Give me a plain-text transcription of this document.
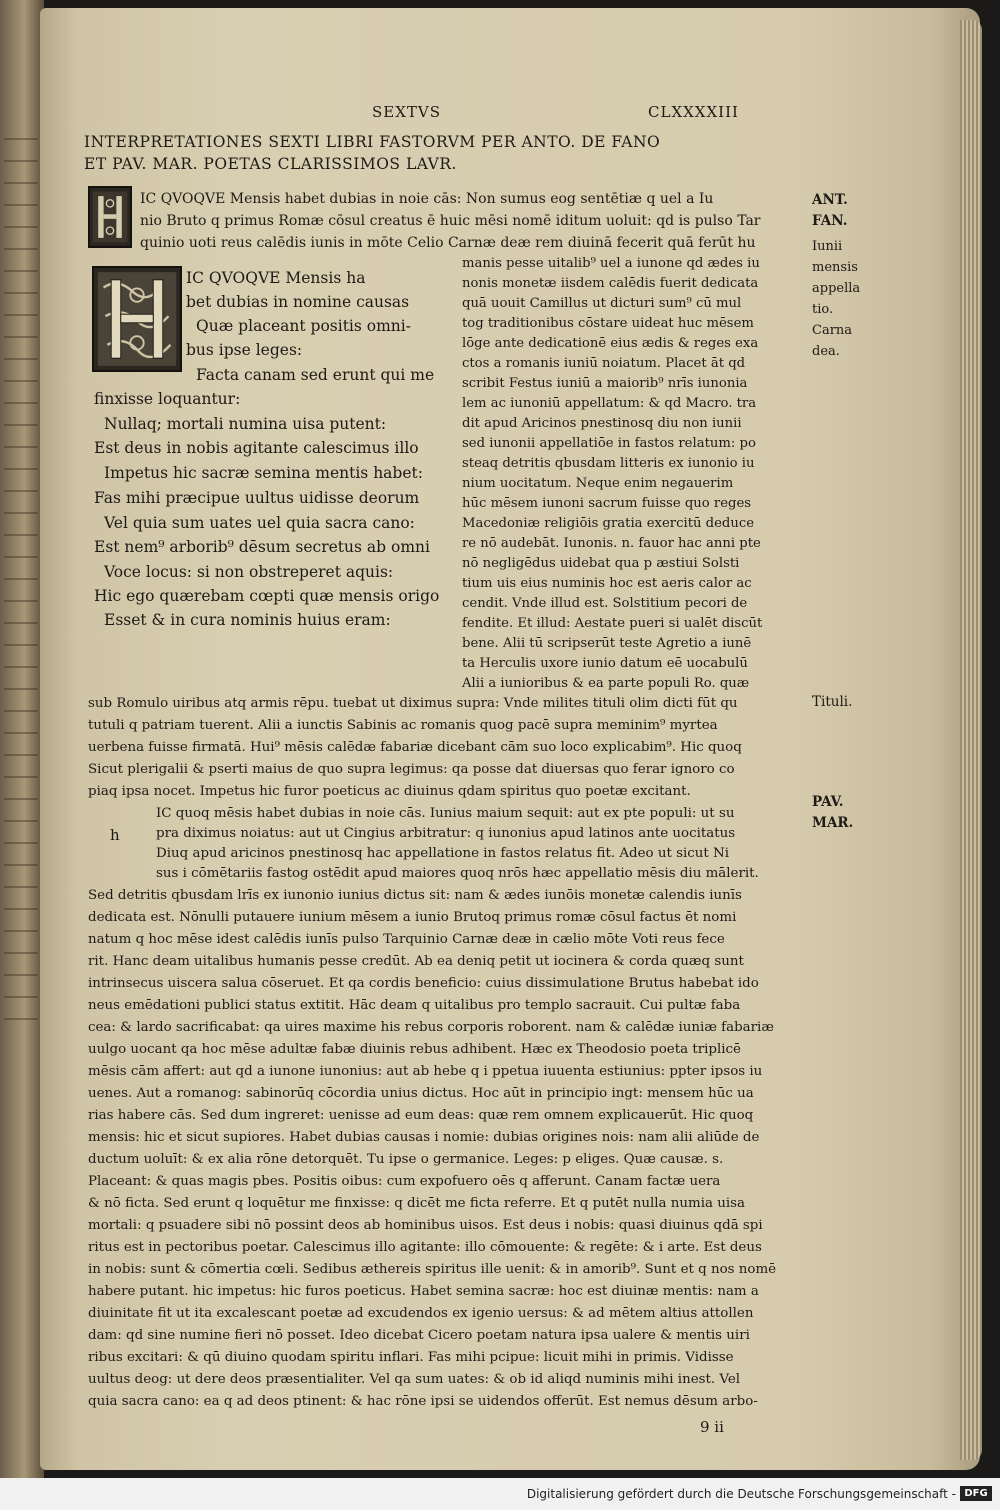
SEXTVS	CLXXXXIII
INTERPRETATIONES SEXTI LIBRI FASTORVM PER ANTO. DE FANO
ET PAV. MAR. POETAS CLARISSIMOS LAVR.
IC QVOQVE Mensis habet dubias in noie cās: Non sumus eog sentētiæ q uel a Iu
nio Bruto q primus Romæ cōsul creatus ē huic mēsi nomē iditum uoluit: qd is pulso Tar
quinio uoti reus calēdis iunis in mōte Celio Carnæ deæ rem diuinā fecerit quā ferūt hu
IC QVOQVE Mensis ha
bet dubias in nomine causas
Quæ placeant positis omni-
bus ipse leges:
Facta canam sed erunt qui me
finxisse loquantur:
Nullaq; mortali numina uisa putent:
Est deus in nobis agitante calescimus illo
Impetus hic sacræ semina mentis habet:
Fas mihi præcipue uultus uidisse deorum
Vel quia sum uates uel quia sacra cano:
Est nem⁹ arborib⁹ dēsum secretus ab omni
Voce locus: si non obstreperet aquis:
Hic ego quærebam cœpti quæ mensis origo
Esset & in cura nominis huius eram:
manis pesse uitalib⁹ uel a iunone qd ædes iu
nonis monetæ iisdem calēdis fuerit dedicata
quā uouit Camillus ut dicturi sum⁹ cū mul
tog traditionibus cōstare uideat huc mēsem
lōge ante dedicationē eius ædis & reges exa
ctos a romanis iuniū noiatum. Placet āt qd
scribit Festus iuniū a maiorib⁹ nrīs iunonia
lem ac iunoniū appellatum: & qd Macro. tra
dit apud Aricinos pnestinosq diu non iunii
sed iunonii appellatiōe in fastos relatum: po
steaq detritis qbusdam litteris ex iunonio iu
nium uocitatum. Neque enim negauerim
hūc mēsem iunoni sacrum fuisse quo reges
Macedoniæ religiōis gratia exercitū deduce
re nō audebāt. Iunonis. n. fauor hac anni pte
nō negligēdus uidebat qua p æstiui Solsti
tium uis eius numinis hoc est aeris calor ac
cendit. Vnde illud est. Solstitium pecori de
fendite. Et illud: Aestate pueri si ualēt discūt
bene. Alii tū scripserūt teste Agretio a iunē
ta Herculis uxore iunio datum eē uocabulū
Alii a iunioribus & ea parte populi Ro. quæ
sub Romulo uiribus atq armis rēpu. tuebat ut diximus supra: Vnde milites tituli olim dicti fūt qu
tutuli q patriam tuerent. Alii a iunctis Sabinis ac romanis quog pacē supra meminim⁹ myrtea
uerbena fuisse firmatā. Hui⁹ mēsis calēdæ fabariæ dicebant cām suo loco explicabim⁹. Hic quoq
Sicut plerigalii & pserti maius de quo supra legimus: qa posse dat diuersas quo ferar ignoro co
piaq ipsa nocet. Impetus hic furor poeticus ac diuinus qdam spiritus quo poetæ excitant.
h
IC quoq mēsis habet dubias in noie cās. Iunius maium sequit: aut ex pte populi: ut su
pra diximus noiatus: aut ut Cingius arbitratur: q iunonius apud latinos ante uocitatus
Diuq apud aricinos pnestinosq hac appellatione in fastos relatus fit. Adeo ut sicut Ni
sus i cōmētariis fastog ostēdit apud maiores quoq nrōs hæc appellatio mēsis diu mālerit.
Sed detritis qbusdam lrīs ex iunonio iunius dictus sit: nam & ædes iunōis monetæ calendis iunīs
dedicata est. Nōnulli putauere iunium mēsem a iunio Brutoq primus romæ cōsul factus ēt nomi
natum q hoc mēse idest calēdis iunīs pulso Tarquinio Carnæ deæ in cælio mōte Voti reus fece
rit. Hanc deam uitalibus humanis pesse credūt. Ab ea deniq petit ut iocinera & corda quæq sunt
intrinsecus uiscera salua cōseruet. Et qa cordis beneficio: cuius dissimulatione Brutus habebat ido
neus emēdationi publici status extitit. Hāc deam q uitalibus pro templo sacrauit. Cui pultæ faba
cea: & lardo sacrificabat: qa uires maxime his rebus corporis roborent. nam & calēdæ iuniæ fabariæ
uulgo uocant qa hoc mēse adultæ fabæ diuinis rebus adhibent. Hæc ex Theodosio poeta triplicē
mēsis cām affert: aut qd a iunone iunonius: aut ab hebe q i ppetua iuuenta estiunius: ppter ipsos iu
uenes. Aut a romanog: sabinorūq cōcordia unius dictus. Hoc aūt in principio ingt: mensem hūc ua
rias habere cās. Sed dum ingreret: uenisse ad eum deas: quæ rem omnem explicauerūt. Hic quoq
mensis: hic et sicut supiores. Habet dubias causas i nomie: dubias origines nois: nam alii aliūde de
ductum uoluīt: & ex alia rōne detorquēt. Tu ipse o germanice. Leges: p eliges. Quæ causæ. s.
Placeant: & quas magis pbes. Positis oibus: cum expofuero oēs q afferunt. Canam factæ uera
& nō ficta. Sed erunt q loquētur me finxisse: q dicēt me ficta referre. Et q putēt nulla numia uisa
mortali: q psuadere sibi nō possint deos ab hominibus uisos. Est deus i nobis: quasi diuinus qdā spi
ritus est in pectoribus poetar. Calescimus illo agitante: illo cōmouente: & regēte: & i arte. Est deus
in nobis: sunt & cōmertia cœli. Sedibus æthereis spiritus ille uenit: & in amorib⁹. Sunt et q nos nomē
habere putant. hic impetus: hic furos poeticus. Habet semina sacræ: hoc est diuinæ mentis: nam a
diuinitate fit ut ita excalescant poetæ ad excudendos ex igenio uersus: & ad mētem altius attollen
dam: qd sine numine fieri nō posset. Ideo dicebat Cicero poetam natura ipsa ualere & mentis uiri
ribus excitari: & qū diuino quodam spiritu inflari. Fas mihi pcipue: licuit mihi in primis. Vidisse
uultus deog: ut dere deos præsentialiter. Vel qa sum uates: & ob id aliqd numinis mihi inest. Vel
quia sacra cano: ea q ad deos ptinent: & hac rōne ipsi se uidendos offerūt. Est nemus dēsum arbo-
9 ii
ANT. FAN.
Iunii mensis appella tio. Carna dea.
Tituli.
PAV. MAR.
Digitalisierung gefördert durch die Deutsche Forschungsgemeinschaft - DFG
